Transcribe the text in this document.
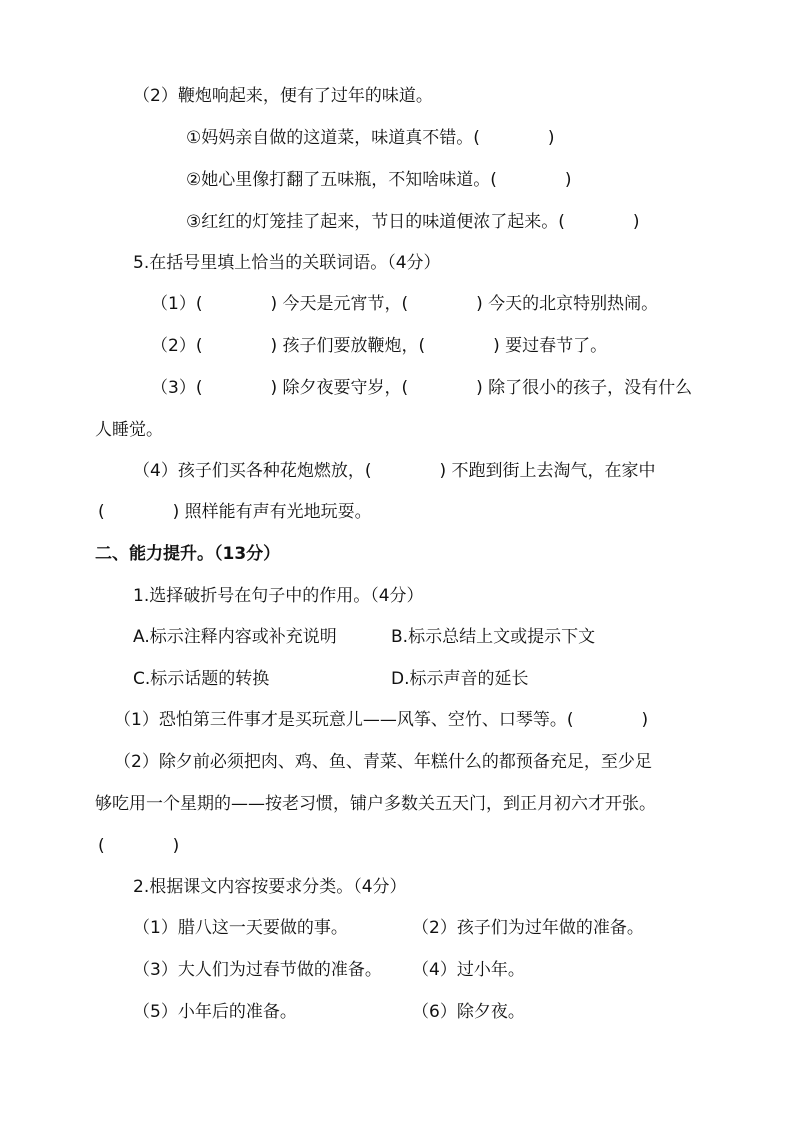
（2）鞭炮响起来，便有了过年的味道。
①妈妈亲自做的这道菜，味道真不错。(　　　　)
②她心里像打翻了五味瓶，不知啥味道。(　　　　)
③红红的灯笼挂了起来，节日的味道便浓了起来。(　　　　)
5.在括号里填上恰当的关联词语。（4分）
（1）(　　　　) 今天是元宵节，(　　　　) 今天的北京特别热闹。
（2）(　　　　) 孩子们要放鞭炮，(　　　　) 要过春节了。
（3）(　　　　) 除夕夜要守岁，(　　　　) 除了很小的孩子，没有什么
人睡觉。
（4）孩子们买各种花炮燃放，(　　　　) 不跑到街上去淘气，在家中
(　　　　) 照样能有声有光地玩耍。
二、能力提升。（13分）
1.选择破折号在句子中的作用。（4分）
A.标示注释内容或补充说明	B.标示总结上文或提示下文
C.标示话题的转换	D.标示声音的延长
（1）恐怕第三件事才是买玩意儿——风筝、空竹、口琴等。(　　　　)
（2）除夕前必须把肉、鸡、鱼、青菜、年糕什么的都预备充足，至少足
够吃用一个星期的——按老习惯，铺户多数关五天门，到正月初六才开张。
(　　　　)
2.根据课文内容按要求分类。（4分）
（1）腊八这一天要做的事。	（2）孩子们为过年做的准备。
（3）大人们为过春节做的准备。 （4）过小年。
（5）小年后的准备。	（6）除夕夜。
